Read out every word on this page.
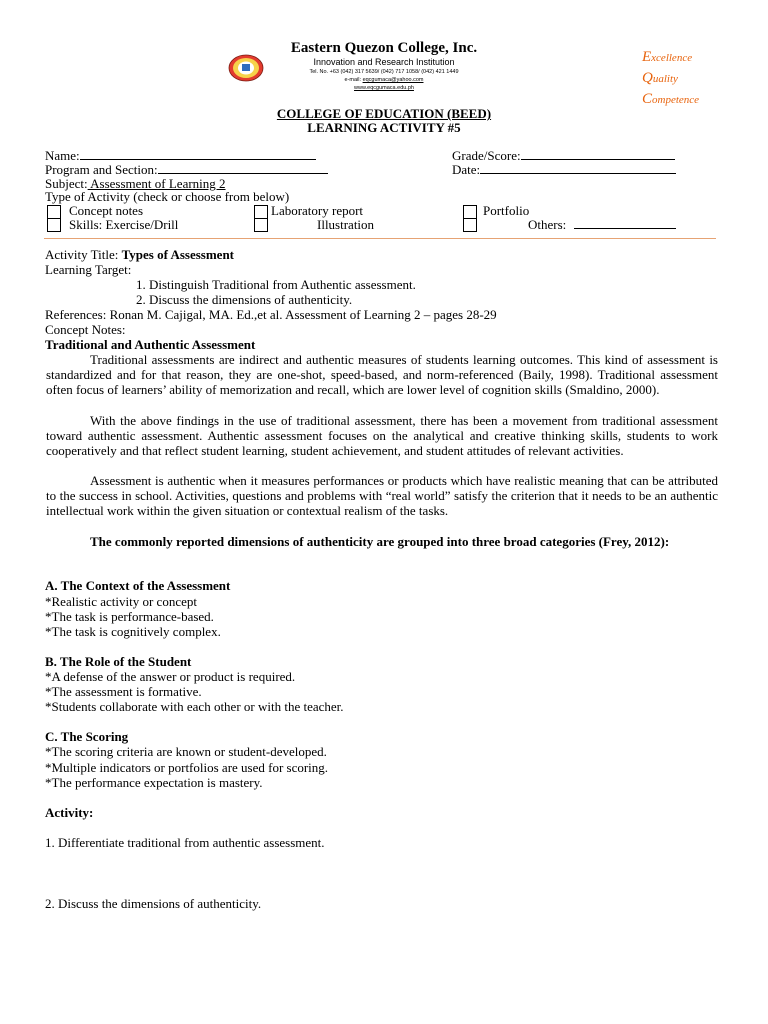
Eastern Quezon College, Inc.
Innovation and Research Institution
Tel. No. +63 (042) 317 5639/ (042) 717 1058/ (042) 421 1449
e-mail: eqcgumaca@yahoo.com
www.eqcgumaca.edu.ph
Excellence
Quality
Competence
COLLEGE OF EDUCATION (BEED)
LEARNING ACTIVITY #5
Name:	Grade/Score:
Program and Section:	Date:
Subject: Assessment of Learning 2
Type of Activity (check or choose from below)
Concept notes	Laboratory report	Portfolio
Skills: Exercise/Drill	Illustration	Others:
Activity Title: Types of Assessment
Learning Target:
1. Distinguish Traditional from Authentic assessment.
2. Discuss the dimensions of authenticity.
References: Ronan M. Cajigal, MA. Ed.,et al. Assessment of Learning 2 – pages 28-29
Concept Notes:
Traditional and Authentic Assessment
Traditional assessments are indirect and authentic measures of students learning outcomes. This kind of assessment is standardized and for that reason, they are one-shot, speed-based, and norm-referenced (Baily, 1998). Traditional assessment often focus of learners’ ability of memorization and recall, which are lower level of cognition skills (Smaldino, 2000).
With the above findings in the use of traditional assessment, there has been a movement from traditional assessment toward authentic assessment. Authentic assessment focuses on the analytical and creative thinking skills, students to work cooperatively and that reflect student learning, student achievement, and student attitudes of relevant activities.
Assessment is authentic when it measures performances or products which have realistic meaning that can be attributed to the success in school. Activities, questions and problems with “real world” satisfy the criterion that it needs to be an authentic intellectual work within the given situation or contextual realism of the tasks.
The commonly reported dimensions of authenticity are grouped into three broad categories (Frey, 2012):
A. The Context of the Assessment
*Realistic activity or concept
*The task is performance-based.
*The task is cognitively complex.
B. The Role of the Student
*A defense of the answer or product is required.
*The assessment is formative.
*Students collaborate with each other or with the teacher.
C. The Scoring
*The scoring criteria are known or student-developed.
*Multiple indicators or portfolios are used for scoring.
*The performance expectation is mastery.
Activity:
1. Differentiate traditional from authentic assessment.
2. Discuss the dimensions of authenticity.
